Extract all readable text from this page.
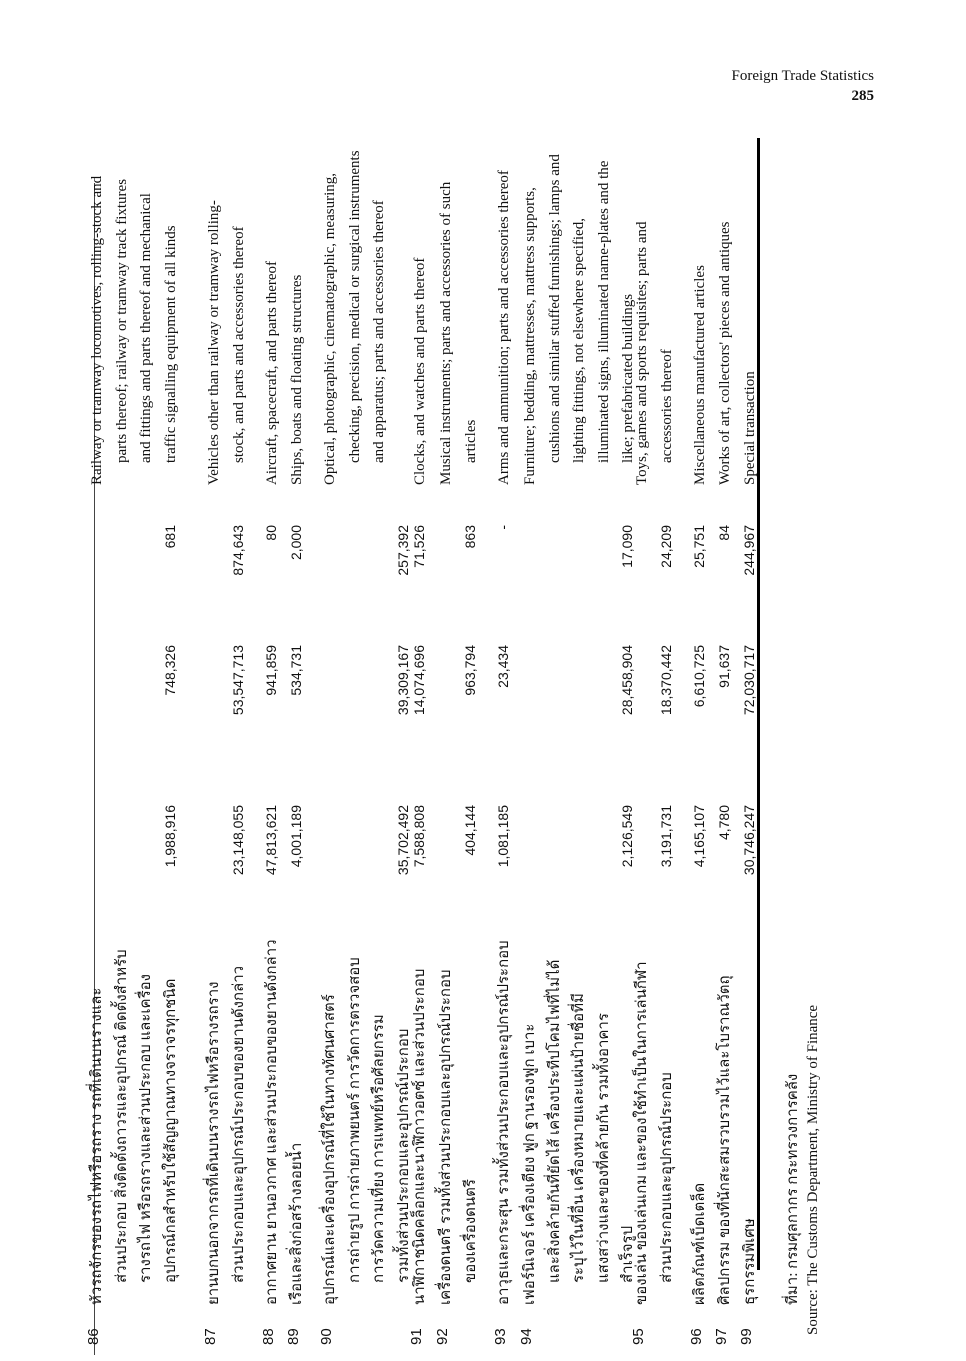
Foreign Trade Statistics
285
86
หัวรถจักรของรถไฟหรือรถราง รถที่เดินบนรางและ ส่วนประกอบ สิ่งติดตั้งถาวรและอุปกรณ์ ติดตั้งสำหรับ รางรถไฟ หรือรถรางและส่วนประกอบ และเครื่อง อุปกรณ์กลสำหรับใช้สัญญาณทางจราจรทุกชนิด
1,988,916
748,326
681
Railway or tramway locomotives, rolling-stock and parts thereof; railway or tramway track fixtures and fittings and parts thereof and mechanical traffic signalling equipment of all kinds
87
ยานบกนอกจากรถที่เดินบนรางรถไฟหรือรางรถราง ส่วนประกอบและอุปกรณ์ประกอบของยานดังกล่าว
23,148,055
53,547,713
874,643
Vehicles other than railway or tramway rolling- stock, and parts and accessories thereof
88
อากาศยาน ยานอวกาศ และส่วนประกอบของยานดังกล่าว
47,813,621
941,859
80
Aircraft, spacecraft, and parts thereof
89
เรือและสิ่งก่อสร้างลอยน้ำ
4,001,189
534,731
2,000
Ships, boats and floating structures
90
อุปกรณ์และเครื่องอุปกรณ์ที่ใช้ในทางทัศนศาสตร์ การถ่ายรูป การถ่ายภาพยนตร์ การวัดการตรวจสอบ การวัดความเที่ยง การแพทย์หรือศัลยกรรม รวมทั้งส่วนประกอบและอุปกรณ์ประกอบ
35,702,492
39,309,167
257,392
Optical, photographic, cinematographic, measuring, checking, precision, medical or surgical instruments and apparatus; parts and accessories thereof
91
นาฬิกาชนิดคล็อกและนาฬิกาวอตซ์ และส่วนประกอบ
7,588,808
14,074,696
71,526
Clocks, and watches and parts thereof
92
เครื่องดนตรี รวมทั้งส่วนประกอบและอุปกรณ์ประกอบ ของเครื่องดนตรี
404,144
963,794
863
Musical instruments; parts and accessories of such articles
93
อาวุธและกระสุน รวมทั้งส่วนประกอบและอุปกรณ์ประกอบ
1,081,185
23,434
-
Arms and ammunition; parts and accessories thereof
94
เฟอร์นิเจอร์ เครื่องเตียง ฟูก ฐานรองฟูก เบาะ และสิ่งคล้ายกันที่ยัดไส้ เครื่องประทีปโคมไฟที่ไม่ได้ ระบุไว้ในที่อื่น เครื่องหมายและแผ่นป้ายชื่อที่มี แสงสว่างและของที่คล้ายกัน รวมทั้งอาคาร สำเร็จรูป
2,126,549
28,458,904
17,090
Furniture; bedding, mattresses, mattress supports, cushions and similar stuffed furnishings; lamps and lighting fittings, not elsewhere specified, illuminated signs, illuminated name-plates and the like; prefabricated buildings
95
ของเล่น ของเล่นเกม และของใช้ทำเป็นในการเล่นกีฬา ส่วนประกอบและอุปกรณ์ประกอบ
3,191,731
18,370,442
24,209
Toys, games and sports requisites; parts and accessories thereof
96
ผลิตภัณฑ์เบ็ดเตล็ด
4,165,107
6,610,725
25,751
Miscellaneous manufactured articles
97
ศิลปกรรม ของที่นักสะสมรวบรวมไว้และโบราณวัตถุ
4,780
91,637
84
Works of art, collectors' pieces and antiques
99
ธุรกรรมพิเศษ
30,746,247
72,030,717
244,967
Special transaction
ที่มา: กรมศุลกากร กระทรวงการคลัง Source: The Customs Department, Ministry of Finance
